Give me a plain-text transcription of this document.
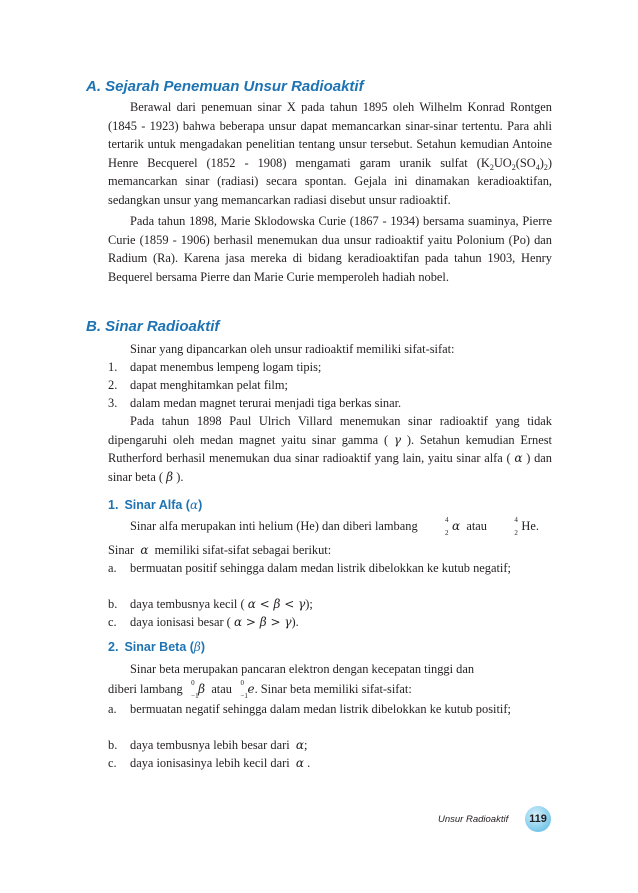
A. Sejarah Penemuan Unsur Radioaktif

Berawal dari penemuan sinar X pada tahun 1895 oleh Wilhelm Konrad Rontgen (1845 - 1923) bahwa beberapa unsur dapat memancarkan sinar-sinar tertentu. Para ahli tertarik untuk mengadakan penelitian tentang unsur tersebut. Setahun kemudian Antoine Henre Becquerel (1852 - 1908) mengamati garam uranik sulfat $(K_2UO_2(SO_4)_2)$ memancarkan sinar (radiasi) secara spontan. Gejala ini dinamakan keradioaktifan, sedangkan unsur yang memancarkan radiasi disebut unsur radioaktif.

Pada tahun 1898, Marie Sklodowska Curie (1867 - 1934) bersama suaminya, Pierre Curie (1859 - 1906) berhasil menemukan dua unsur radioaktif yaitu Polonium (Po) dan Radium (Ra). Karena jasa mereka di bidang keradioaktifan pada tahun 1903, Henry Bequerel bersama Pierre dan Marie Curie memperoleh hadiah nobel.

B. Sinar Radioaktif

Sinar yang dipancarkan oleh unsur radioaktif memiliki sifat-sifat:

1.	dapat menembus lempeng logam tipis;
2.	dapat menghitamkan pelat film;
3.	dalam medan magnet terurai menjadi tiga berkas sinar.

Pada tahun 1898 Paul Ulrich Villard menemukan sinar radioaktif yang tidak dipengaruhi oleh medan magnet yaitu sinar gamma ( γ ). Setahun kemudian Ernest Rutherford berhasil menemukan dua sinar radioaktif yang lain, yaitu sinar alfa ( α ) dan sinar beta ( β ).

1. Sinar Alfa (α)

Sinar alfa merupakan inti helium (He) dan diberi lambang	4
2 α atau	4
2 He.

Sinar α memiliki sifat-sifat sebagai berikut:

a.	bermuatan positif sehingga dalam medan listrik dibelokkan ke kutub negatif;
b.	daya tembusnya kecil ( α < β < γ);
c.	daya ionisasi besar ( α > β > γ).
2. Sinar Beta (β)

Sinar beta merupakan pancaran elektron dengan kecepatan tinggi dan

diberi lambang 0
−1 β atau 0
−1 e. Sinar beta memiliki sifat-sifat:

a.	bermuatan negatif sehingga dalam medan listrik dibelokkan ke kutub positif;
b.	daya tembusnya lebih besar dari α;
c.	daya ionisasinya lebih kecil dari α .
Unsur Radioaktif 119
